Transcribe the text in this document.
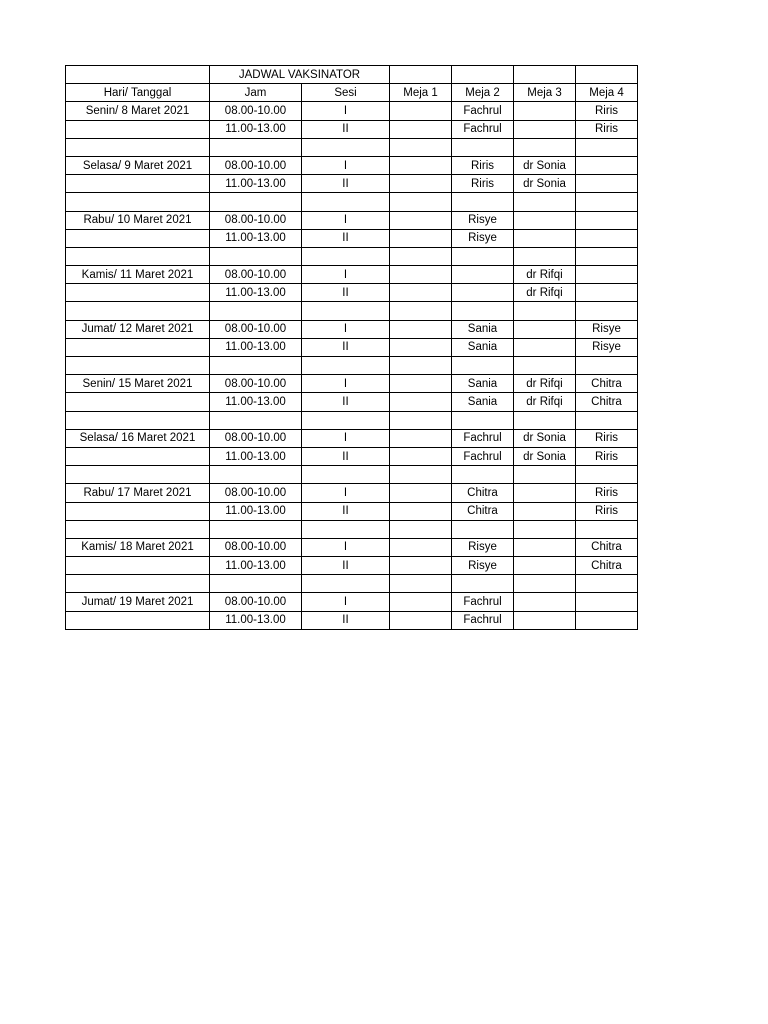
	JADWAL VAKSINATOR					
Hari/ Tanggal	Jam	Sesi	Meja 1	Meja 2	Meja 3	Meja 4
Senin/ 8 Maret 2021	08.00-10.00	I		Fachrul		Riris
	11.00-13.00	II		Fachrul		Riris

Selasa/ 9 Maret 2021	08.00-10.00	I		Riris	dr Sonia	
	11.00-13.00	II		Riris	dr Sonia	

Rabu/ 10 Maret 2021	08.00-10.00	I		Risye		
	11.00-13.00	II		Risye		

Kamis/ 11 Maret 2021	08.00-10.00	I			dr Rifqi	
	11.00-13.00	II			dr Rifqi	

Jumat/ 12 Maret 2021	08.00-10.00	I		Sania		Risye
	11.00-13.00	II		Sania		Risye

Senin/ 15 Maret 2021	08.00-10.00	I		Sania	dr Rifqi	Chitra
	11.00-13.00	II		Sania	dr Rifqi	Chitra

Selasa/ 16 Maret 2021	08.00-10.00	I		Fachrul	dr Sonia	Riris
	11.00-13.00	II		Fachrul	dr Sonia	Riris

Rabu/ 17 Maret 2021	08.00-10.00	I		Chitra		Riris
	11.00-13.00	II		Chitra		Riris

Kamis/ 18 Maret 2021	08.00-10.00	I		Risye		Chitra
	11.00-13.00	II		Risye		Chitra

Jumat/ 19 Maret 2021	08.00-10.00	I		Fachrul		
	11.00-13.00	II		Fachrul		
